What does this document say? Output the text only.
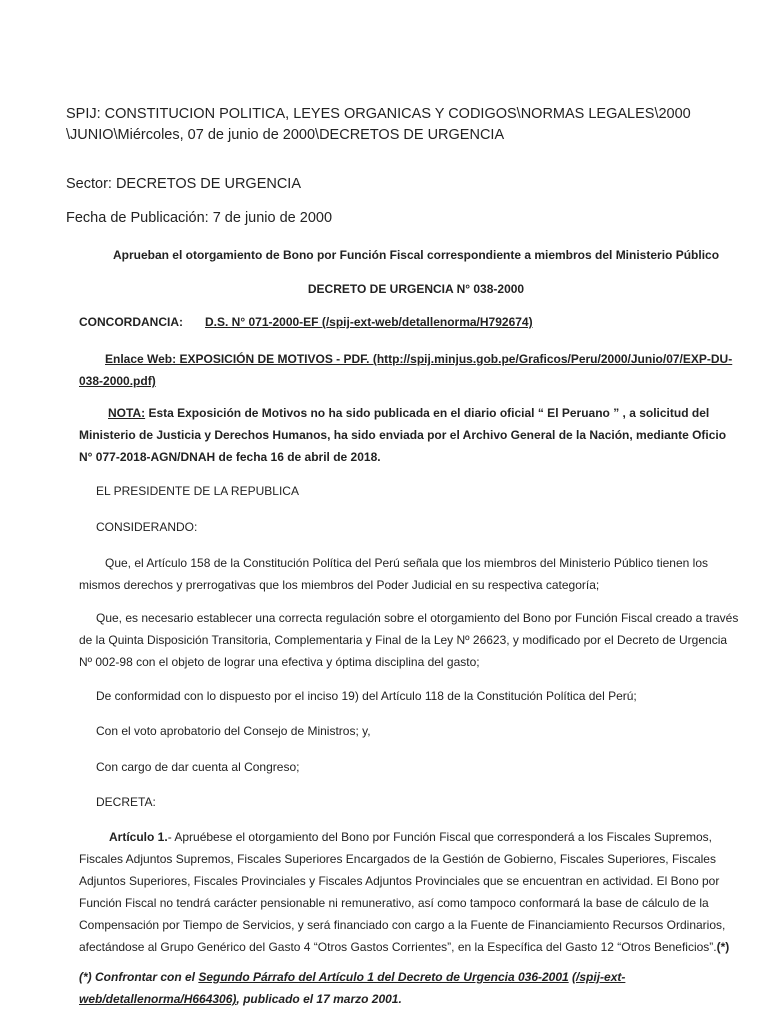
SPIJ: CONSTITUCION POLITICA, LEYES ORGANICAS Y CODIGOS\NORMAS LEGALES\2000
\JUNIO\Miércoles, 07 de junio de 2000\DECRETOS DE URGENCIA
Sector: DECRETOS DE URGENCIA
Fecha de Publicación: 7 de junio de 2000
Aprueban el otorgamiento de Bono por Función Fiscal correspondiente a miembros del Ministerio Público
DECRETO DE URGENCIA N° 038-2000
CONCORDANCIA: D.S. N° 071-2000-EF (/spij-ext-web/detallenorma/H792674)
Enlace Web: EXPOSICIÓN DE MOTIVOS - PDF. (http://spij.minjus.gob.pe/Graficos/Peru/2000/Junio/07/EXP-DU-
038-2000.pdf)
NOTA: Esta Exposición de Motivos no ha sido publicada en el diario oficial “ El Peruano ” , a solicitud del
Ministerio de Justicia y Derechos Humanos, ha sido enviada por el Archivo General de la Nación, mediante Oficio
N° 077-2018-AGN/DNAH de fecha 16 de abril de 2018.
EL PRESIDENTE DE LA REPUBLICA
CONSIDERANDO:
Que, el Artículo 158 de la Constitución Política del Perú señala que los miembros del Ministerio Público tienen los
mismos derechos y prerrogativas que los miembros del Poder Judicial en su respectiva categoría;
Que, es necesario establecer una correcta regulación sobre el otorgamiento del Bono por Función Fiscal creado a través
de la Quinta Disposición Transitoria, Complementaria y Final de la Ley Nº 26623, y modificado por el Decreto de Urgencia
Nº 002-98 con el objeto de lograr una efectiva y óptima disciplina del gasto;
De conformidad con lo dispuesto por el inciso 19) del Artículo 118 de la Constitución Política del Perú;
Con el voto aprobatorio del Consejo de Ministros; y,
Con cargo de dar cuenta al Congreso;
DECRETA:
Artículo 1.- Apruébese el otorgamiento del Bono por Función Fiscal que corresponderá a los Fiscales Supremos,
Fiscales Adjuntos Supremos, Fiscales Superiores Encargados de la Gestión de Gobierno, Fiscales Superiores, Fiscales
Adjuntos Superiores, Fiscales Provinciales y Fiscales Adjuntos Provinciales que se encuentran en actividad. El Bono por
Función Fiscal no tendrá carácter pensionable ni remunerativo, así como tampoco conformará la base de cálculo de la
Compensación por Tiempo de Servicios, y será financiado con cargo a la Fuente de Financiamiento Recursos Ordinarios,
afectándose al Grupo Genérico del Gasto 4 “Otros Gastos Corrientes”, en la Específica del Gasto 12 “Otros Beneficios”.(*)
(*) Confrontar con el Segundo Párrafo del Artículo 1 del Decreto de Urgencia 036-2001 (/spij-ext-
web/detallenorma/H664306), publicado el 17 marzo 2001.
